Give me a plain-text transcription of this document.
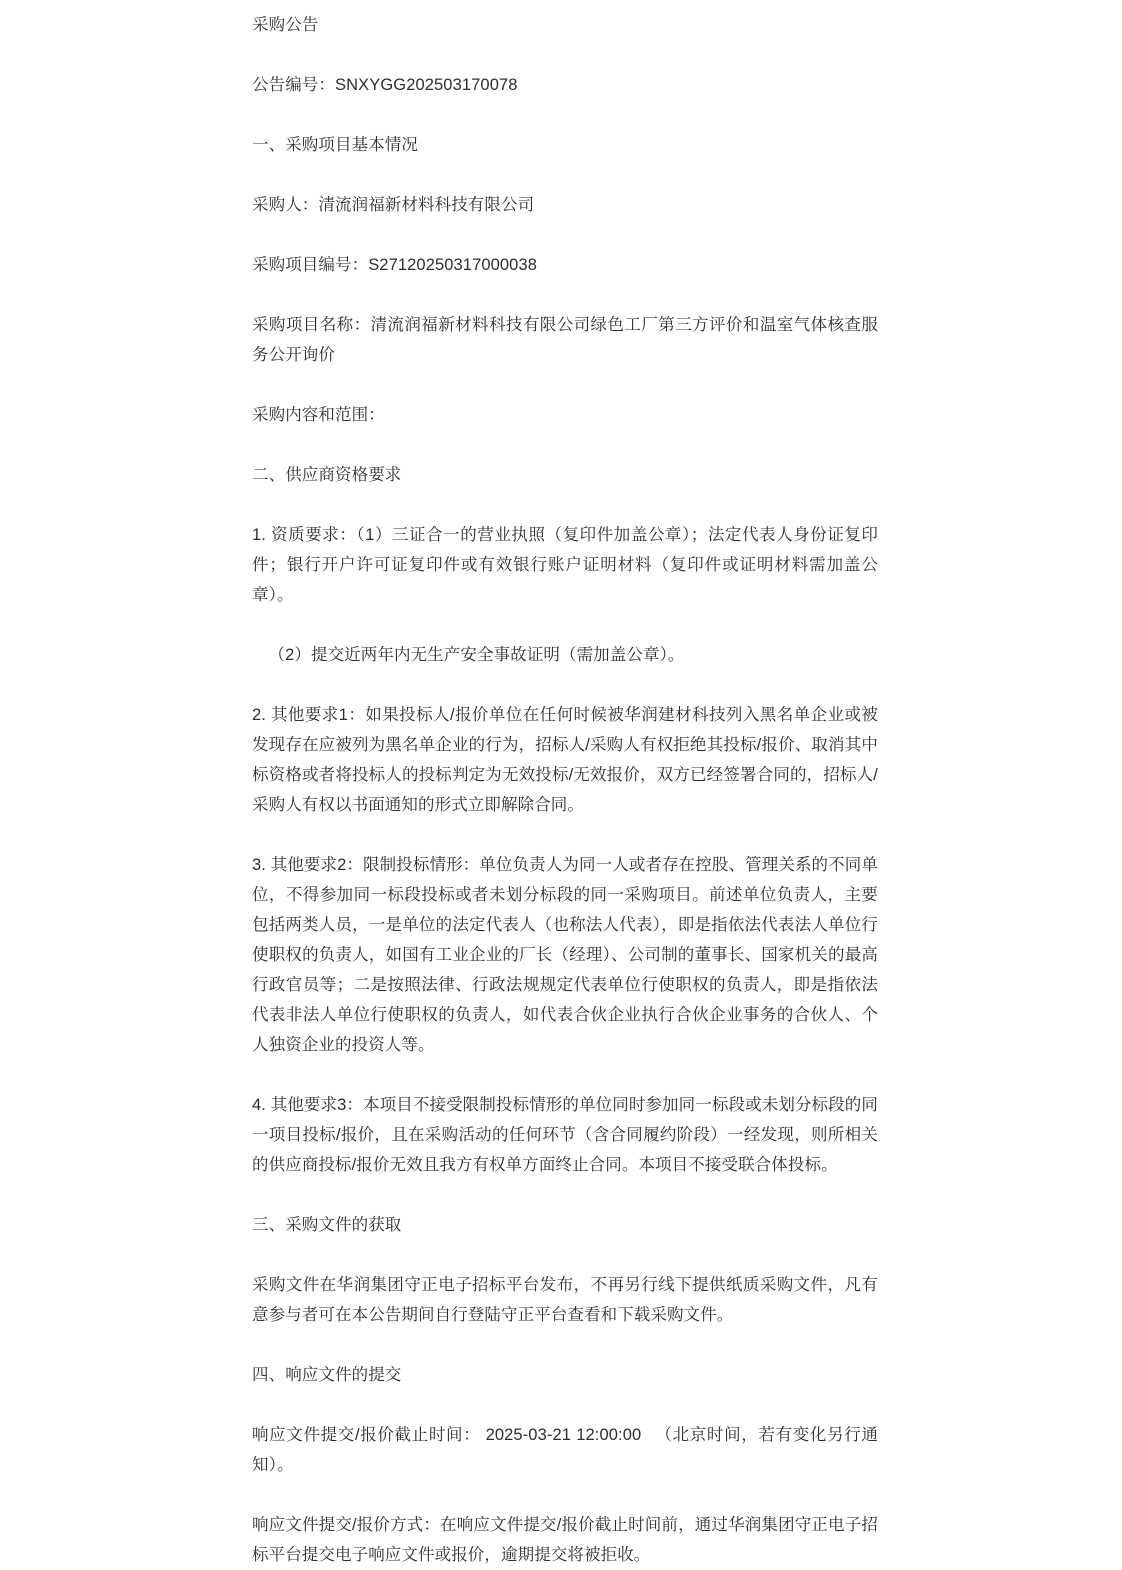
采购公告

公告编号：SNXYGG202503170078

一、采购项目基本情况

采购人：清流润福新材料科技有限公司

采购项目编号：S27120250317000038

采购项目名称：清流润福新材料科技有限公司绿色工厂第三方评价和温室气体核查服务公开询价

采购内容和范围：

二、供应商资格要求

1. 资质要求：（1）三证合一的营业执照（复印件加盖公章）；法定代表人身份证复印件；银行开户许可证复印件或有效银行账户证明材料（复印件或证明材料需加盖公章）。

（2）提交近两年内无生产安全事故证明（需加盖公章）。

2. 其他要求1：如果投标人/报价单位在任何时候被华润建材科技列入黑名单企业或被发现存在应被列为黑名单企业的行为，招标人/采购人有权拒绝其投标/报价、取消其中标资格或者将投标人的投标判定为无效投标/无效报价，双方已经签署合同的，招标人/采购人有权以书面通知的形式立即解除合同。

3. 其他要求2：限制投标情形：单位负责人为同一人或者存在控股、管理关系的不同单位，不得参加同一标段投标或者未划分标段的同一采购项目。前述单位负责人，主要包括两类人员，一是单位的法定代表人（也称法人代表），即是指依法代表法人单位行使职权的负责人，如国有工业企业的厂长（经理）、公司制的董事长、国家机关的最高行政官员等；二是按照法律、行政法规规定代表单位行使职权的负责人，即是指依法代表非法人单位行使职权的负责人，如代表合伙企业执行合伙企业事务的合伙人、个人独资企业的投资人等。

4. 其他要求3：本项目不接受限制投标情形的单位同时参加同一标段或未划分标段的同一项目投标/报价，且在采购活动的任何环节（含合同履约阶段）一经发现，则所相关的供应商投标/报价无效且我方有权单方面终止合同。本项目不接受联合体投标。

三、采购文件的获取

采购文件在华润集团守正电子招标平台发布，不再另行线下提供纸质采购文件，凡有意参与者可在本公告期间自行登陆守正平台查看和下载采购文件。

四、响应文件的提交

响应文件提交/报价截止时间： 2025-03-21 12:00:00 　（北京时间，若有变化另行通知）。

响应文件提交/报价方式：在响应文件提交/报价截止时间前，通过华润集团守正电子招标平台提交电子响应文件或报价，逾期提交将被拒收。
